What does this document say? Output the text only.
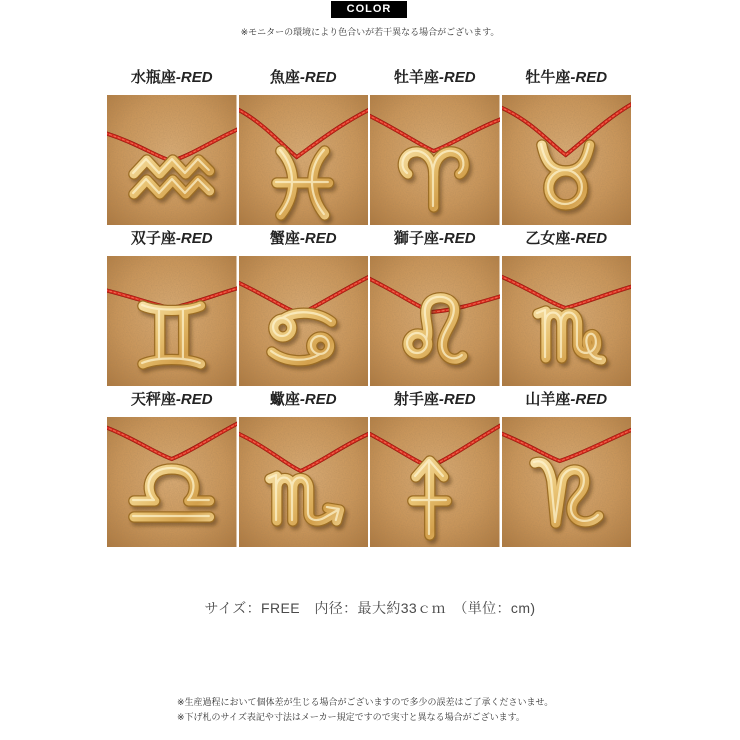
COLOR
※モニターの環境により色合いが若干異なる場合がございます。
水瓶座-RED	魚座-RED	牡羊座-RED	牡牛座-RED
双子座-RED	蟹座-RED	獅子座-RED	乙女座-RED
天秤座-RED	蠍座-RED	射手座-RED	山羊座-RED
サイズ：FREE　内径：最大約33ｃｍ　（単位：cm)
※生産過程において個体差が生じる場合がございますので多少の誤差はご了承くださいませ。
※下げ札のサイズ表記や寸法はメーカー規定ですので実寸と異なる場合がございます。
